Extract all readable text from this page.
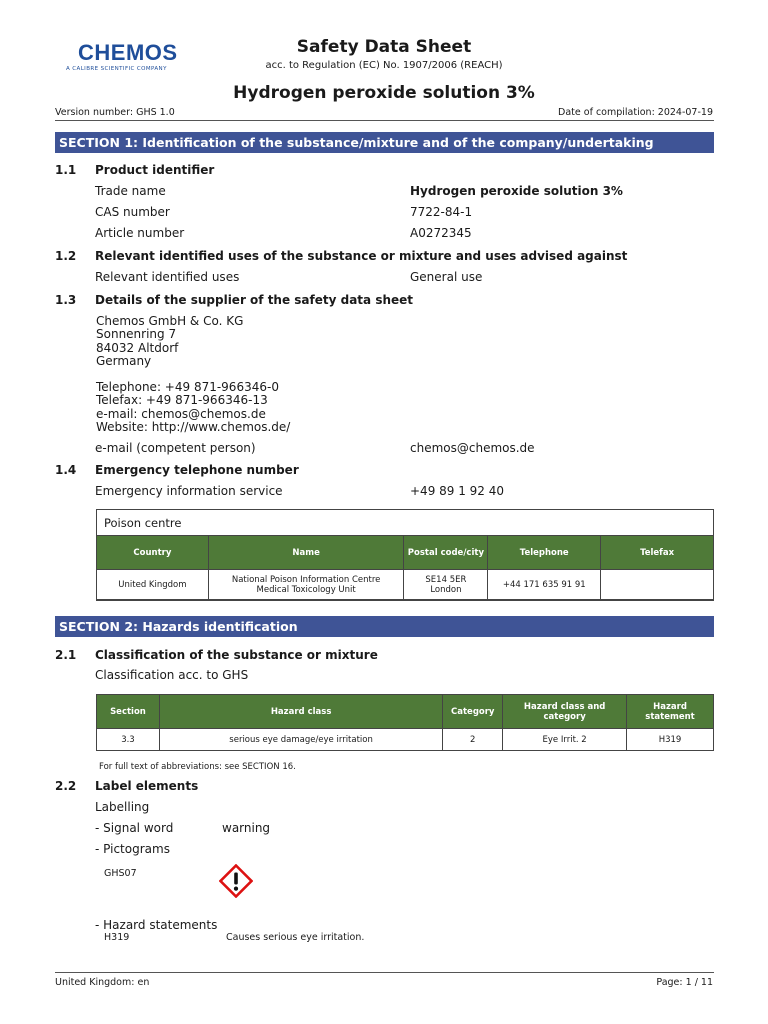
CHEMOS
A CALIBRE SCIENTIFIC COMPANY
Safety Data Sheet
acc. to Regulation (EC) No. 1907/2006 (REACH)
Hydrogen peroxide solution 3%
Version number: GHS 1.0	Date of compilation: 2024-07-19
SECTION 1: Identification of the substance/mixture and of the company/undertaking
1.1 Product identifier
Trade name	Hydrogen peroxide solution 3%
CAS number	7722-84-1
Article number	A0272345
1.2 Relevant identified uses of the substance or mixture and uses advised against
Relevant identified uses	General use
1.3 Details of the supplier of the safety data sheet
Chemos GmbH & Co. KG
Sonnenring 7
84032 Altdorf
Germany
Telephone: +49 871-966346-0
Telefax: +49 871-966346-13
e-mail: chemos@chemos.de
Website: http://www.chemos.de/
e-mail (competent person)	chemos@chemos.de
1.4 Emergency telephone number
Emergency information service	+49 89 1 92 40
Poison centre
Country	Name	Postal code/city	Telephone	Telefax
United Kingdom	National Poison Information Centre Medical Toxicology Unit	SE14 5ER London	+44 171 635 91 91	
SECTION 2: Hazards identification
2.1 Classification of the substance or mixture
Classification acc. to GHS
Section	Hazard class	Category	Hazard class and category	Hazard statement
3.3	serious eye damage/eye irritation	2	Eye Irrit. 2	H319
For full text of abbreviations: see SECTION 16.
2.2 Label elements
Labelling
- Signal word	warning
- Pictograms
GHS07
- Hazard statements
H319	Causes serious eye irritation.
United Kingdom: en	Page: 1 / 11
